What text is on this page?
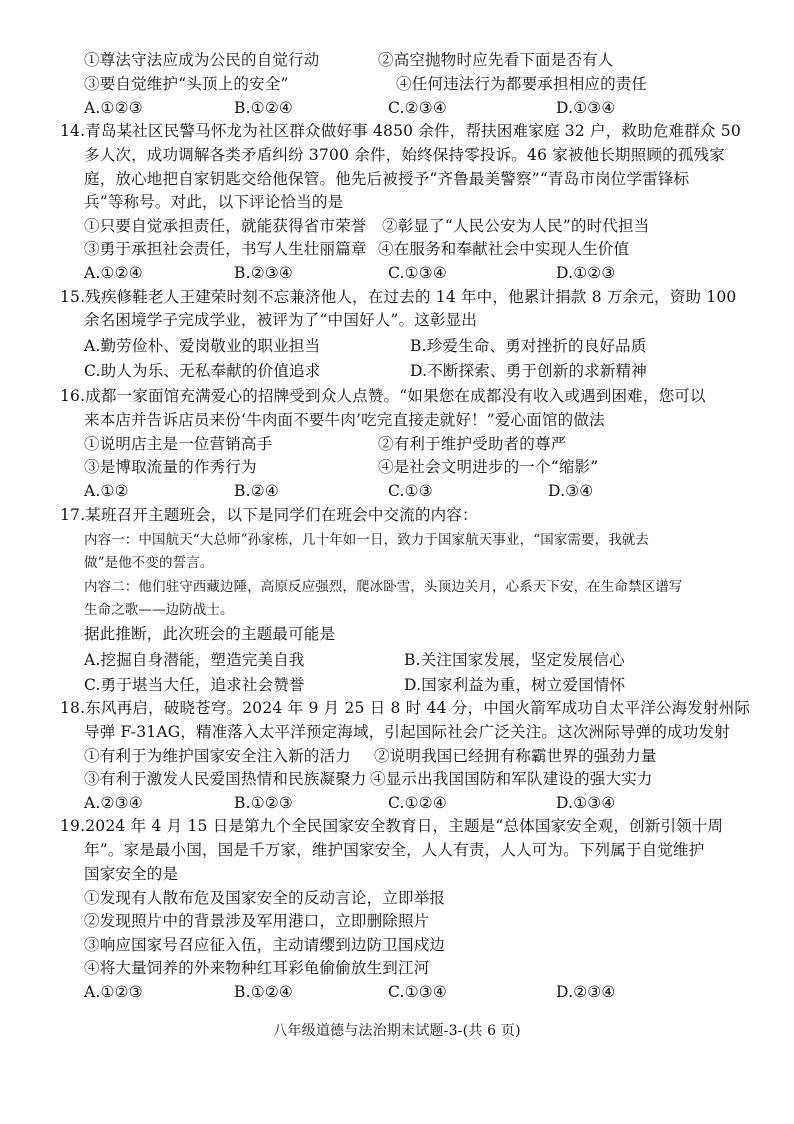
①尊法守法应成为公民的自觉行动	②高空抛物时应先看下面是否有人
③要自觉维护“头顶上的安全”	④任何违法行为都要承担相应的责任
A.①②③	B.①②④	C.②③④	D.①③④
14.青岛某社区民警马怀龙为社区群众做好事 4850 余件，帮扶困难家庭 32 户，救助危难群众 50
多人次，成功调解各类矛盾纠纷 3700 余件，始终保持零投诉。46 家被他长期照顾的孤残家
庭，放心地把自家钥匙交给他保管。他先后被授予“齐鲁最美警察”“青岛市岗位学雷锋标
兵”等称号。对此，以下评论恰当的是
①只要自觉承担责任，就能获得省市荣誉 ②彰显了“人民公安为人民”的时代担当
③勇于承担社会责任，书写人生壮丽篇章 ④在服务和奉献社会中实现人生价值
A.①②④	B.②③④	C.①③④	D.①②③
15.残疾修鞋老人王建荣时刻不忘兼济他人，在过去的 14 年中，他累计捐款 8 万余元，资助 100
余名困境学子完成学业，被评为了“中国好人”。这彰显出
A.勤劳俭朴、爱岗敬业的职业担当	B.珍爱生命、勇对挫折的良好品质
C.助人为乐、无私奉献的价值追求	D.不断探索、勇于创新的求新精神
16.成都一家面馆充满爱心的招牌受到众人点赞。“如果您在成都没有收入或遇到困难，您可以
来本店并告诉店员来份‘牛肉面不要牛肉’吃完直接走就好！”爱心面馆的做法
①说明店主是一位营销高手	②有利于维护受助者的尊严
③是博取流量的作秀行为	④是社会文明进步的一个“缩影”
A.①②	B.②④	C.①③	D.③④
17.某班召开主题班会，以下是同学们在班会中交流的内容：
内容一：中国航天“大总师”孙家栋，几十年如一日，致力于国家航天事业，“国家需要，我就去
做”是他不变的誓言。
内容二：他们驻守西藏边陲，高原反应强烈，爬冰卧雪，头顶边关月，心系天下安，在生命禁区谱写
生命之歌——边防战士。
据此推断，此次班会的主题最可能是
A.挖掘自身潜能，塑造完美自我	B.关注国家发展，坚定发展信心
C.勇于堪当大任，追求社会赞誉	D.国家利益为重，树立爱国情怀
18.东风再启，破晓苍穹。2024 年 9 月 25 日 8 时 44 分，中国火箭军成功自太平洋公海发射州际
导弹 F-31AG，精准落入太平洋预定海域，引起国际社会广泛关注。这次洲际导弹的成功发射
①有利于为维护国家安全注入新的活力 ②说明我国已经拥有称霸世界的强劲力量
③有利于激发人民爱国热情和民族凝聚力 ④显示出我国国防和军队建设的强大实力
A.②③④	B.①②③	C.①②④	D.①③④
19.2024 年 4 月 15 日是第九个全民国家安全教育日，主题是“总体国家安全观，创新引领十周
年”。家是最小国，国是千万家，维护国家安全，人人有责，人人可为。下列属于自觉维护
国家安全的是
①发现有人散布危及国家安全的反动言论，立即举报
②发现照片中的背景涉及军用港口，立即删除照片
③响应国家号召应征入伍，主动请缨到边防卫国戍边
④将大量饲养的外来物种红耳彩龟偷偷放生到江河
A.①②③	B.①②④	C.①③④	D.②③④
八年级道德与法治期末试题-3-(共 6 页)
